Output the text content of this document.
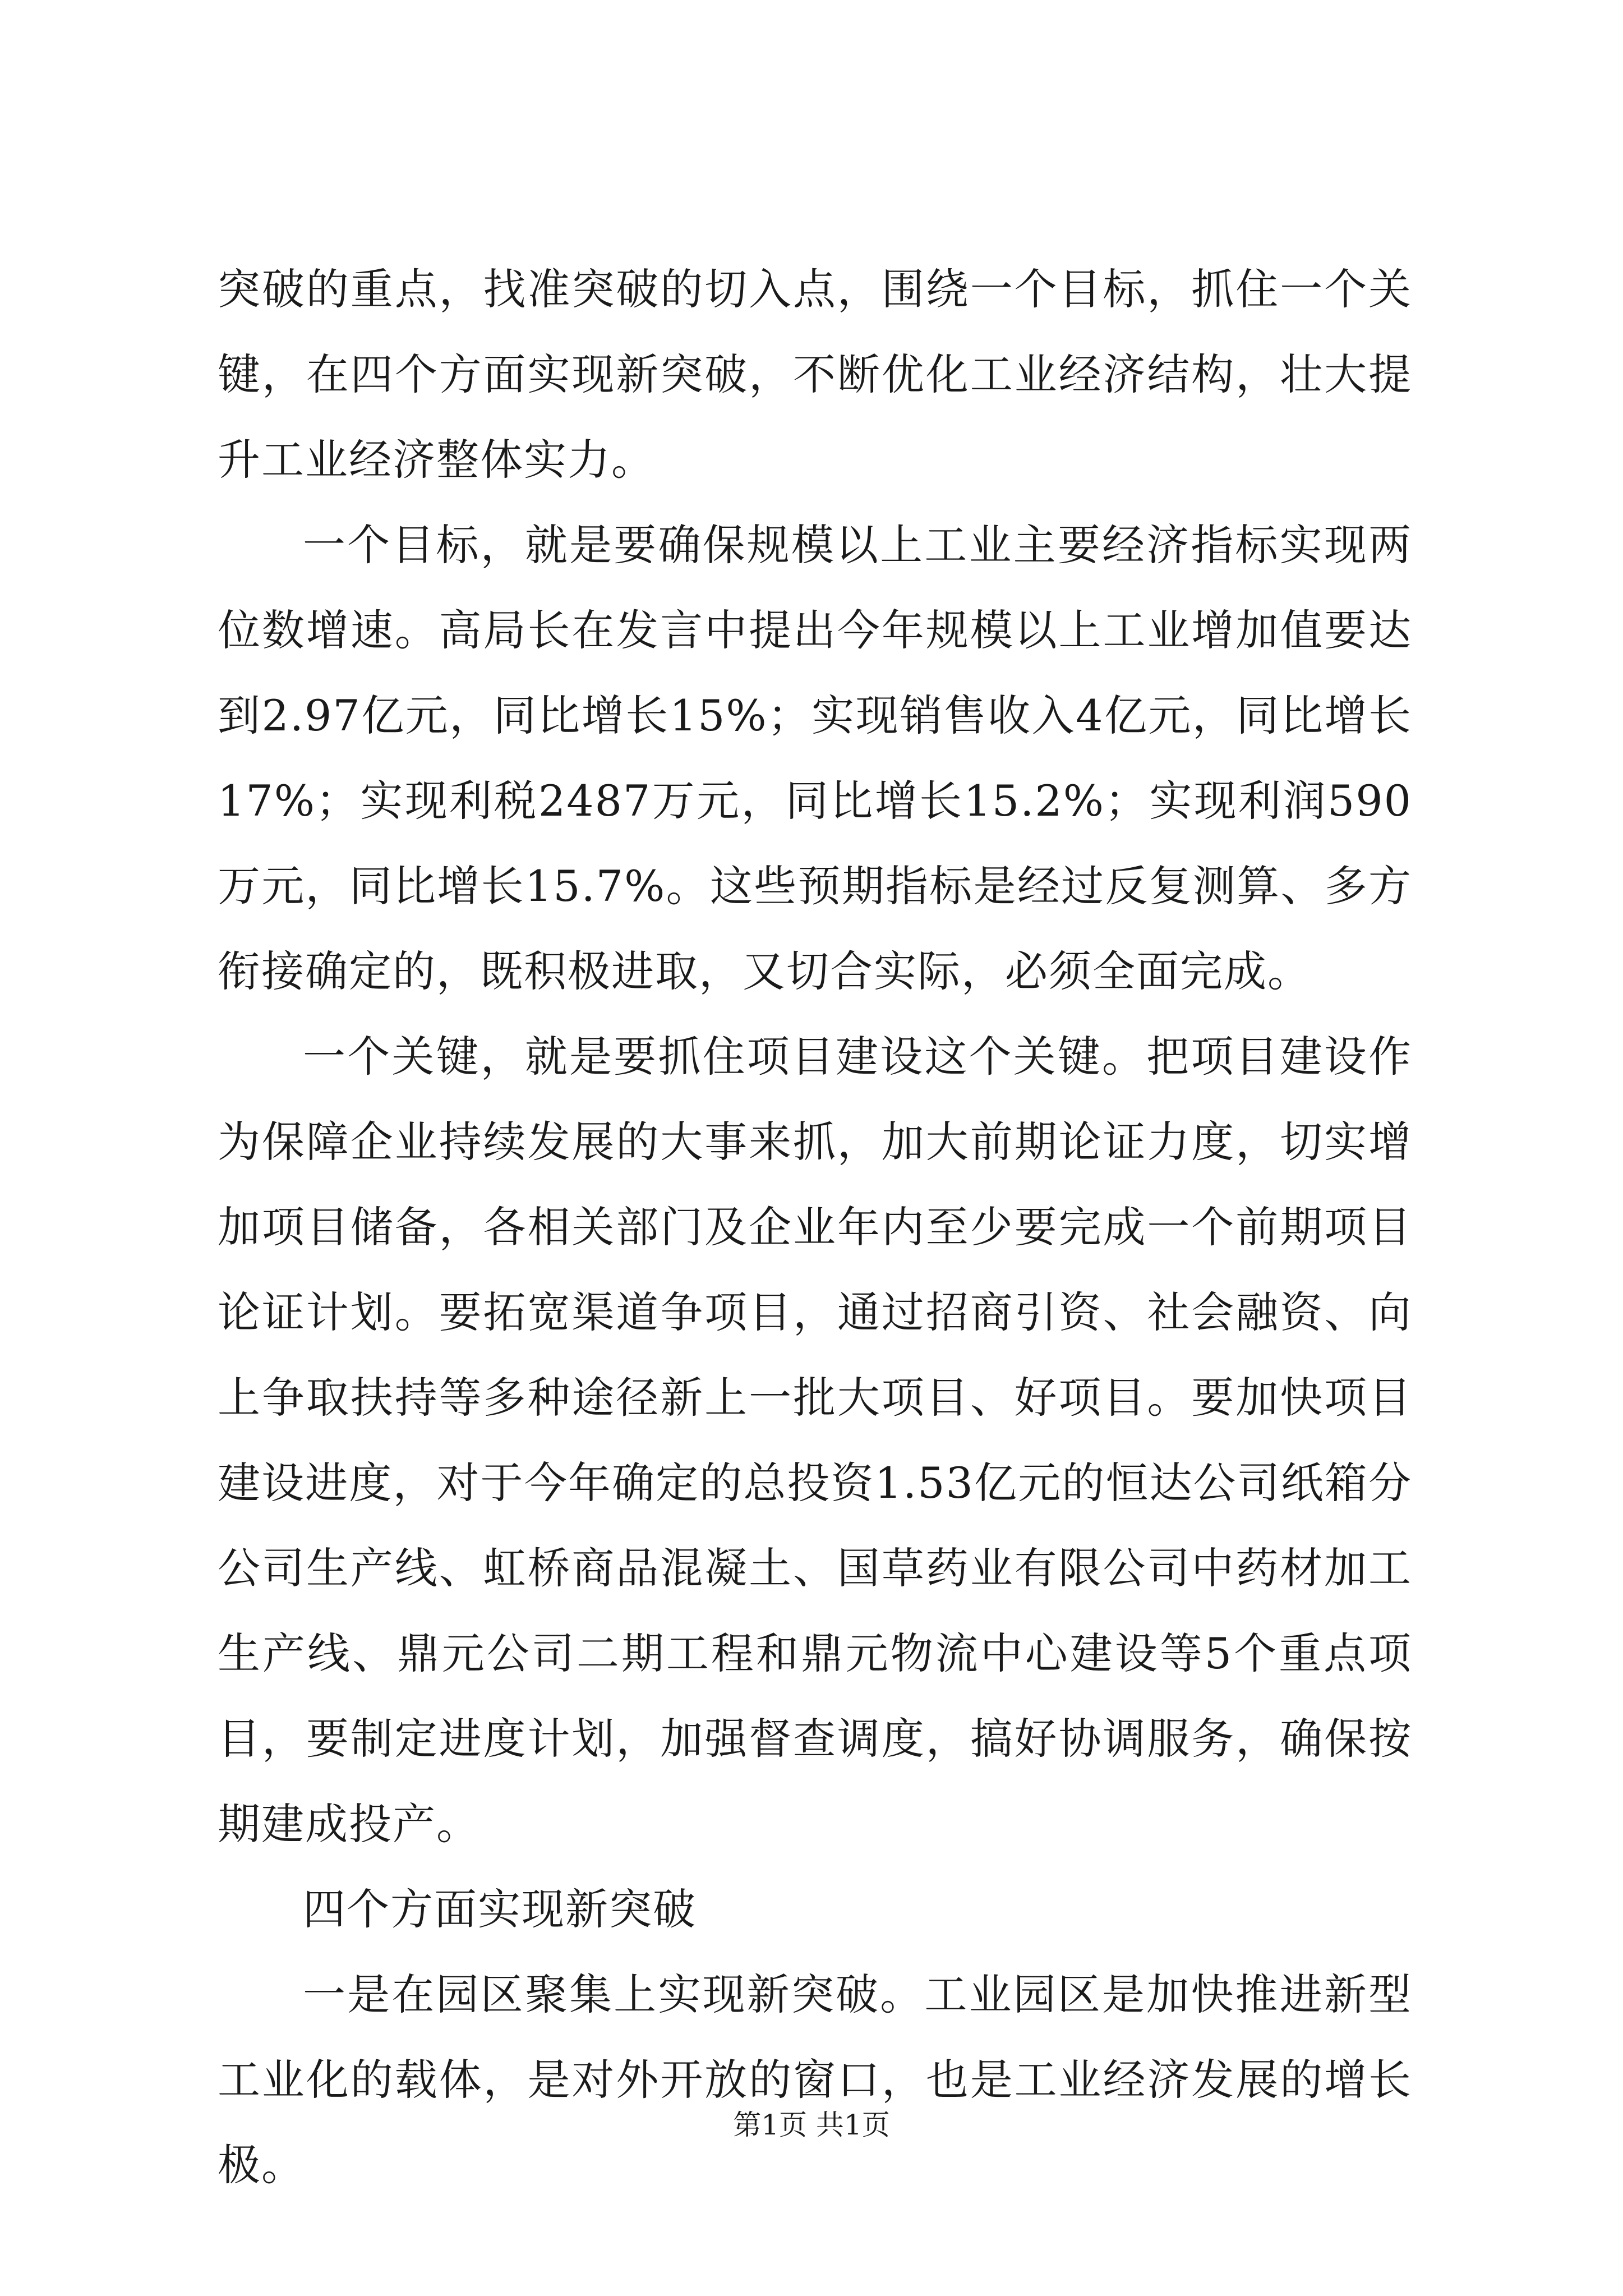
突破的重点，找准突破的切入点，围绕一个目标，抓住一个关键，在四个方面实现新突破，不断优化工业经济结构，壮大提升工业经济整体实力。

一个目标，就是要确保规模以上工业主要经济指标实现两位数增速。高局长在发言中提出今年规模以上工业增加值要达到2.97亿元，同比增长15%；实现销售收入4亿元，同比增长17%；实现利税2487万元，同比增长15.2%；实现利润590万元，同比增长15.7%。这些预期指标是经过反复测算、多方衔接确定的，既积极进取，又切合实际，必须全面完成。

一个关键，就是要抓住项目建设这个关键。把项目建设作为保障企业持续发展的大事来抓，加大前期论证力度，切实增加项目储备，各相关部门及企业年内至少要完成一个前期项目论证计划。要拓宽渠道争项目，通过招商引资、社会融资、向上争取扶持等多种途径新上一批大项目、好项目。要加快项目建设进度，对于今年确定的总投资1.53亿元的恒达公司纸箱分公司生产线、虹桥商品混凝土、国草药业有限公司中药材加工生产线、鼎元公司二期工程和鼎元物流中心建设等5个重点项目，要制定进度计划，加强督查调度，搞好协调服务，确保按期建成投产。

四个方面实现新突破

一是在园区聚集上实现新突破。工业园区是加快推进新型工业化的载体，是对外开放的窗口，也是工业经济发展的增长极。

第1页 共1页
